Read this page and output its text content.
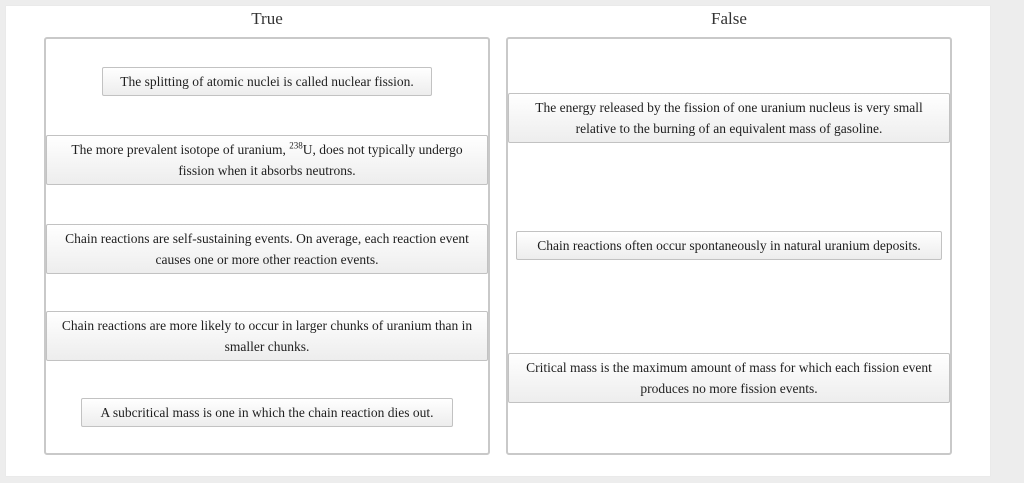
True	False
The splitting of atomic nuclei is called nuclear fission.
The more prevalent isotope of uranium, $^{238}$U, does not typically undergo fission when it absorbs neutrons.
Chain reactions are self-sustaining events. On average, each reaction event causes one or more other reaction events.
Chain reactions are more likely to occur in larger chunks of uranium than in smaller chunks.
A subcritical mass is one in which the chain reaction dies out.
The energy released by the fission of one uranium nucleus is very small relative to the burning of an equivalent mass of gasoline.
Chain reactions often occur spontaneously in natural uranium deposits.
Critical mass is the maximum amount of mass for which each fission event produces no more fission events.
